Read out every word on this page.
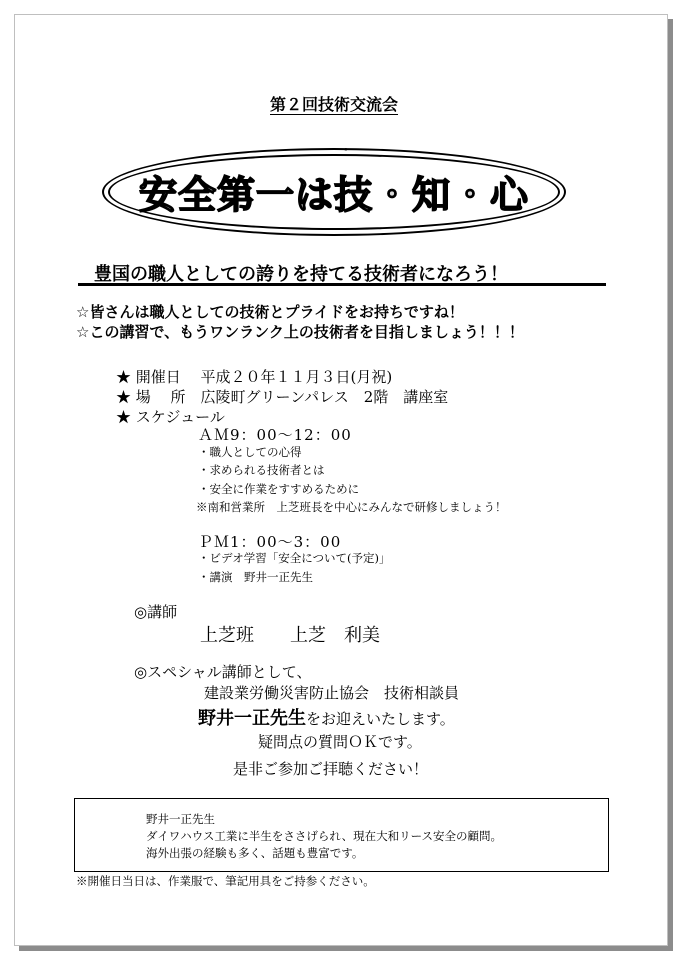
第２回技術交流会
。
安全第一は技・知・心
豊国の職人としての誇りを持てる技術者になろう！
☆皆さんは職人としての技術とプライドをお持ちですね！
☆この講習で、もうワンランク上の技術者を目指しましょう！！！
★ 開催日　 平成２０年１１月３日(月祝)
★ 場　 所　広陵町グリーンパレス　2階　講座室
★ スケジュール
ＡＭ9：00～12：00
・職人としての心得
・求められる技術者とは
・安全に作業をすすめるために
※南和営業所　上芝班長を中心にみんなで研修しましょう！
ＰＭ1：00～3：00
・ビデオ学習「安全について(予定)」
・講演　野井一正先生
◎講師
上芝班　　上芝　利美
◎スペシャル講師として、
建設業労働災害防止協会　技術相談員
野井一正先生をお迎えいたします。
疑問点の質問ＯＫです。
是非ご参加ご拝聴ください！
野井一正先生
ダイワハウス工業に半生をささげられ、現在大和リース安全の顧問。
海外出張の経験も多く、話題も豊富です。
※開催日当日は、作業服で、筆記用具をご持参ください。
